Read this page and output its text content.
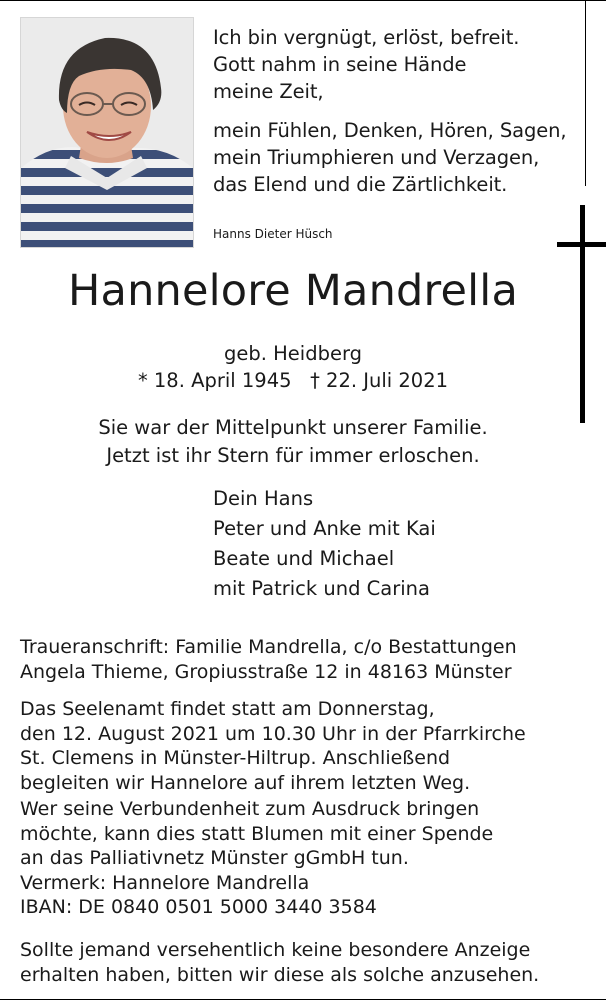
Ich bin vergnügt, erlöst, befreit.
Gott nahm in seine Hände
meine Zeit,

mein Fühlen, Denken, Hören, Sagen,
mein Triumphieren und Verzagen,
das Elend und die Zärtlichkeit.

Hanns Dieter Hüsch
Hannelore Mandrella
geb. Heidberg
* 18. April 1945   † 22. Juli 2021
Sie war der Mittelpunkt unserer Familie.
Jetzt ist ihr Stern für immer erloschen.
Dein Hans
Peter und Anke mit Kai
Beate und Michael
mit Patrick und Carina
Traueranschrift: Familie Mandrella, c/o Bestattungen
Angela Thieme, Gropiusstraße 12 in 48163 Münster
Das Seelenamt findet statt am Donnerstag,
den 12. August 2021 um 10.30 Uhr in der Pfarrkirche
St. Clemens in Münster-Hiltrup. Anschließend
begleiten wir Hannelore auf ihrem letzten Weg.
Wer seine Verbundenheit zum Ausdruck bringen
möchte, kann dies statt Blumen mit einer Spende
an das Palliativnetz Münster gGmbH tun.
Vermerk: Hannelore Mandrella
IBAN: DE 0840 0501 5000 3440 3584
Sollte jemand versehentlich keine besondere Anzeige
erhalten haben, bitten wir diese als solche anzusehen.
